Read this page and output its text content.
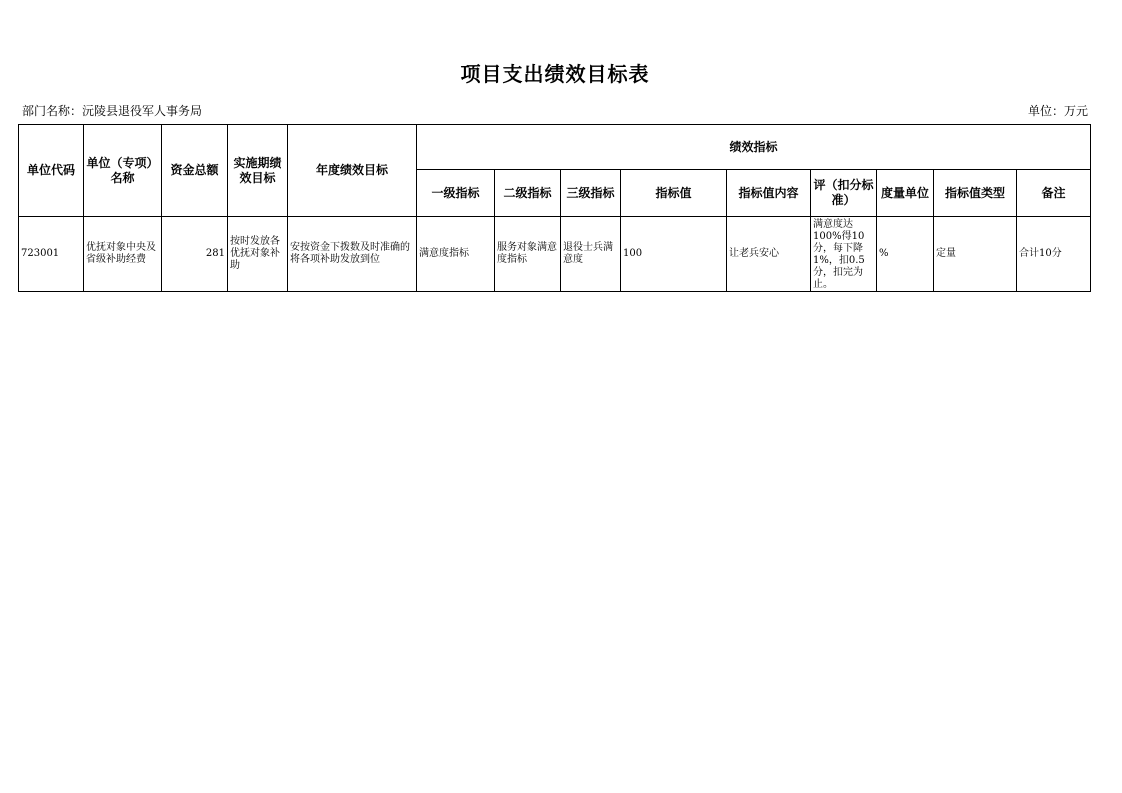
项目支出绩效目标表
部门名称：沅陵县退役军人事务局	单位：万元
单位代码	单位（专项）名称	资金总额	实施期绩效目标	年度绩效目标	绩效指标								
					一级指标	二级指标	三级指标	指标值	指标值内容	评（扣分标准）	度量单位	指标值类型	备注
723001	优抚对象中央及省级补助经费	281	按时发放各优抚对象补助	安按资金下拨数及时准确的将各项补助发放到位	满意度指标	服务对象满意度指标	退役士兵满意度	100	让老兵安心	满意度达100%得10分，每下降1%，扣0.5分，扣完为止。	%	定量	合计10分
